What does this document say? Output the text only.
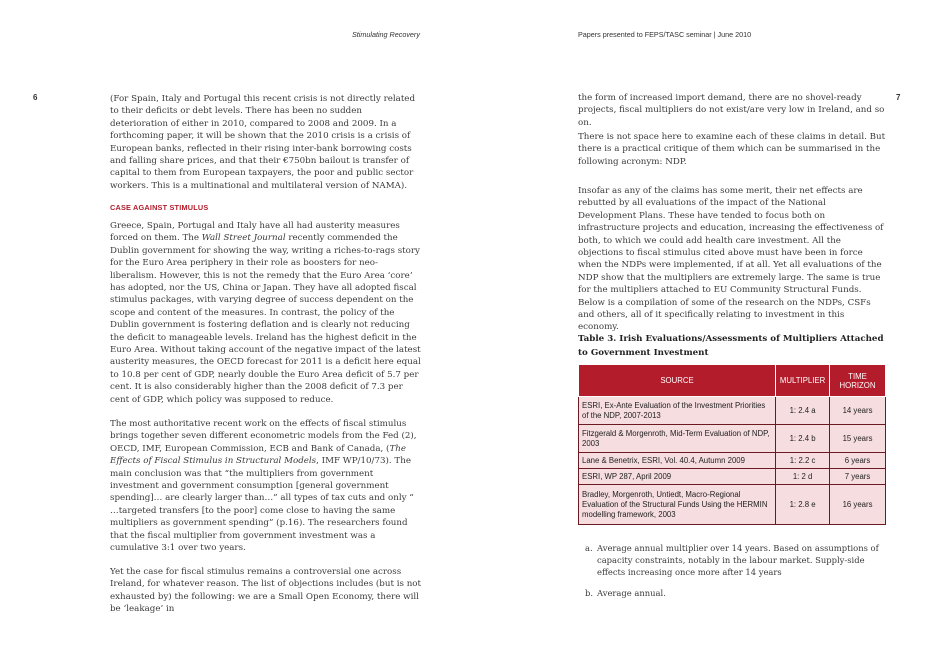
Stimulating Recovery	Papers presented to FEPS/TASC seminar | June 2010
6	7

(For Spain, Italy and Portugal this recent crisis is not directly related to their deficits or debt levels. There has been no sudden deterioration of either in 2010, compared to 2008 and 2009. In a forthcoming paper, it will be shown that the 2010 crisis is a crisis of European banks, reflected in their rising inter-bank borrowing costs and falling share prices, and that their €750bn bailout is transfer of capital to them from European taxpayers, the poor and public sector workers. This is a multinational and multilateral version of NAMA).

CASE AGAINST STIMULUS

Greece, Spain, Portugal and Italy have all had austerity measures forced on them. The Wall Street Journal recently commended the Dublin government for showing the way, writing a riches-to-rags story for the Euro Area periphery in their role as boosters for neo-liberalism. However, this is not the remedy that the Euro Area ‘core’ has adopted, nor the US, China or Japan. They have all adopted fiscal stimulus packages, with varying degree of success dependent on the scope and content of the measures. In contrast, the policy of the Dublin government is fostering deflation and is clearly not reducing the deficit to manageable levels. Ireland has the highest deficit in the Euro Area. Without taking account of the negative impact of the latest austerity measures, the OECD forecast for 2011 is a deficit here equal to 10.8 per cent of GDP, nearly double the Euro Area deficit of 5.7 per cent. It is also considerably higher than the 2008 deficit of 7.3 per cent of GDP, which policy was supposed to reduce.

The most authoritative recent work on the effects of fiscal stimulus brings together seven different econometric models from the Fed (2), OECD, IMF, European Commission, ECB and Bank of Canada, (The Effects of Fiscal Stimulus in Structural Models, IMF WP/10/73). The main conclusion was that “the multipliers from government investment and government consumption [general government spending]… are clearly larger than…” all types of tax cuts and only “ …targeted transfers [to the poor] come close to having the same multipliers as government spending” (p.16). The researchers found that the fiscal multiplier from government investment was a cumulative 3:1 over two years.

Yet the case for fiscal stimulus remains a controversial one across Ireland, for whatever reason. The list of objections includes (but is not exhausted by) the following: we are a Small Open Economy, there will be ‘leakage’ in

the form of increased import demand, there are no shovel-ready projects, fiscal multipliers do not exist/are very low in Ireland, and so on.

There is not space here to examine each of these claims in detail. But there is a practical critique of them which can be summarised in the following acronym: NDP.

Insofar as any of the claims has some merit, their net effects are rebutted by all evaluations of the impact of the National Development Plans. These have tended to focus both on infrastructure projects and education, increasing the effectiveness of both, to which we could add health care investment. All the objections to fiscal stimulus cited above must have been in force when the NDPs were implemented, if at all. Yet all evaluations of the NDP show that the multipliers are extremely large. The same is true for the multipliers attached to EU Community Structural Funds. Below is a compilation of some of the research on the NDPs, CSFs and others, all of it specifically relating to investment in this economy.

Table 3. Irish Evaluations/Assessments of Multipliers Attached to Government Investment
SOURCE	MULTIPLIER	TIME HORIZON
ESRI, Ex-Ante Evaluation of the Investment Priorities of the NDP, 2007-2013	1: 2.4 a	14 years
Fitzgerald & Morgenroth, Mid-Term Evaluation of NDP, 2003	1: 2.4 b	15 years
Lane & Benetrix, ESRI, Vol. 40.4, Autumn 2009	1: 2.2 c	6 years
ESRI, WP 287, April 2009	1: 2 d	7 years
Bradley, Morgenroth, Untiedt, Macro-Regional Evaluation of the Structural Funds Using the HERMIN modelling framework, 2003	1: 2.8 e	16 years
a. Average annual multiplier over 14 years. Based on assumptions of capacity constraints, notably in the labour market. Supply-side effects increasing once more after 14 years
b. Average annual.
